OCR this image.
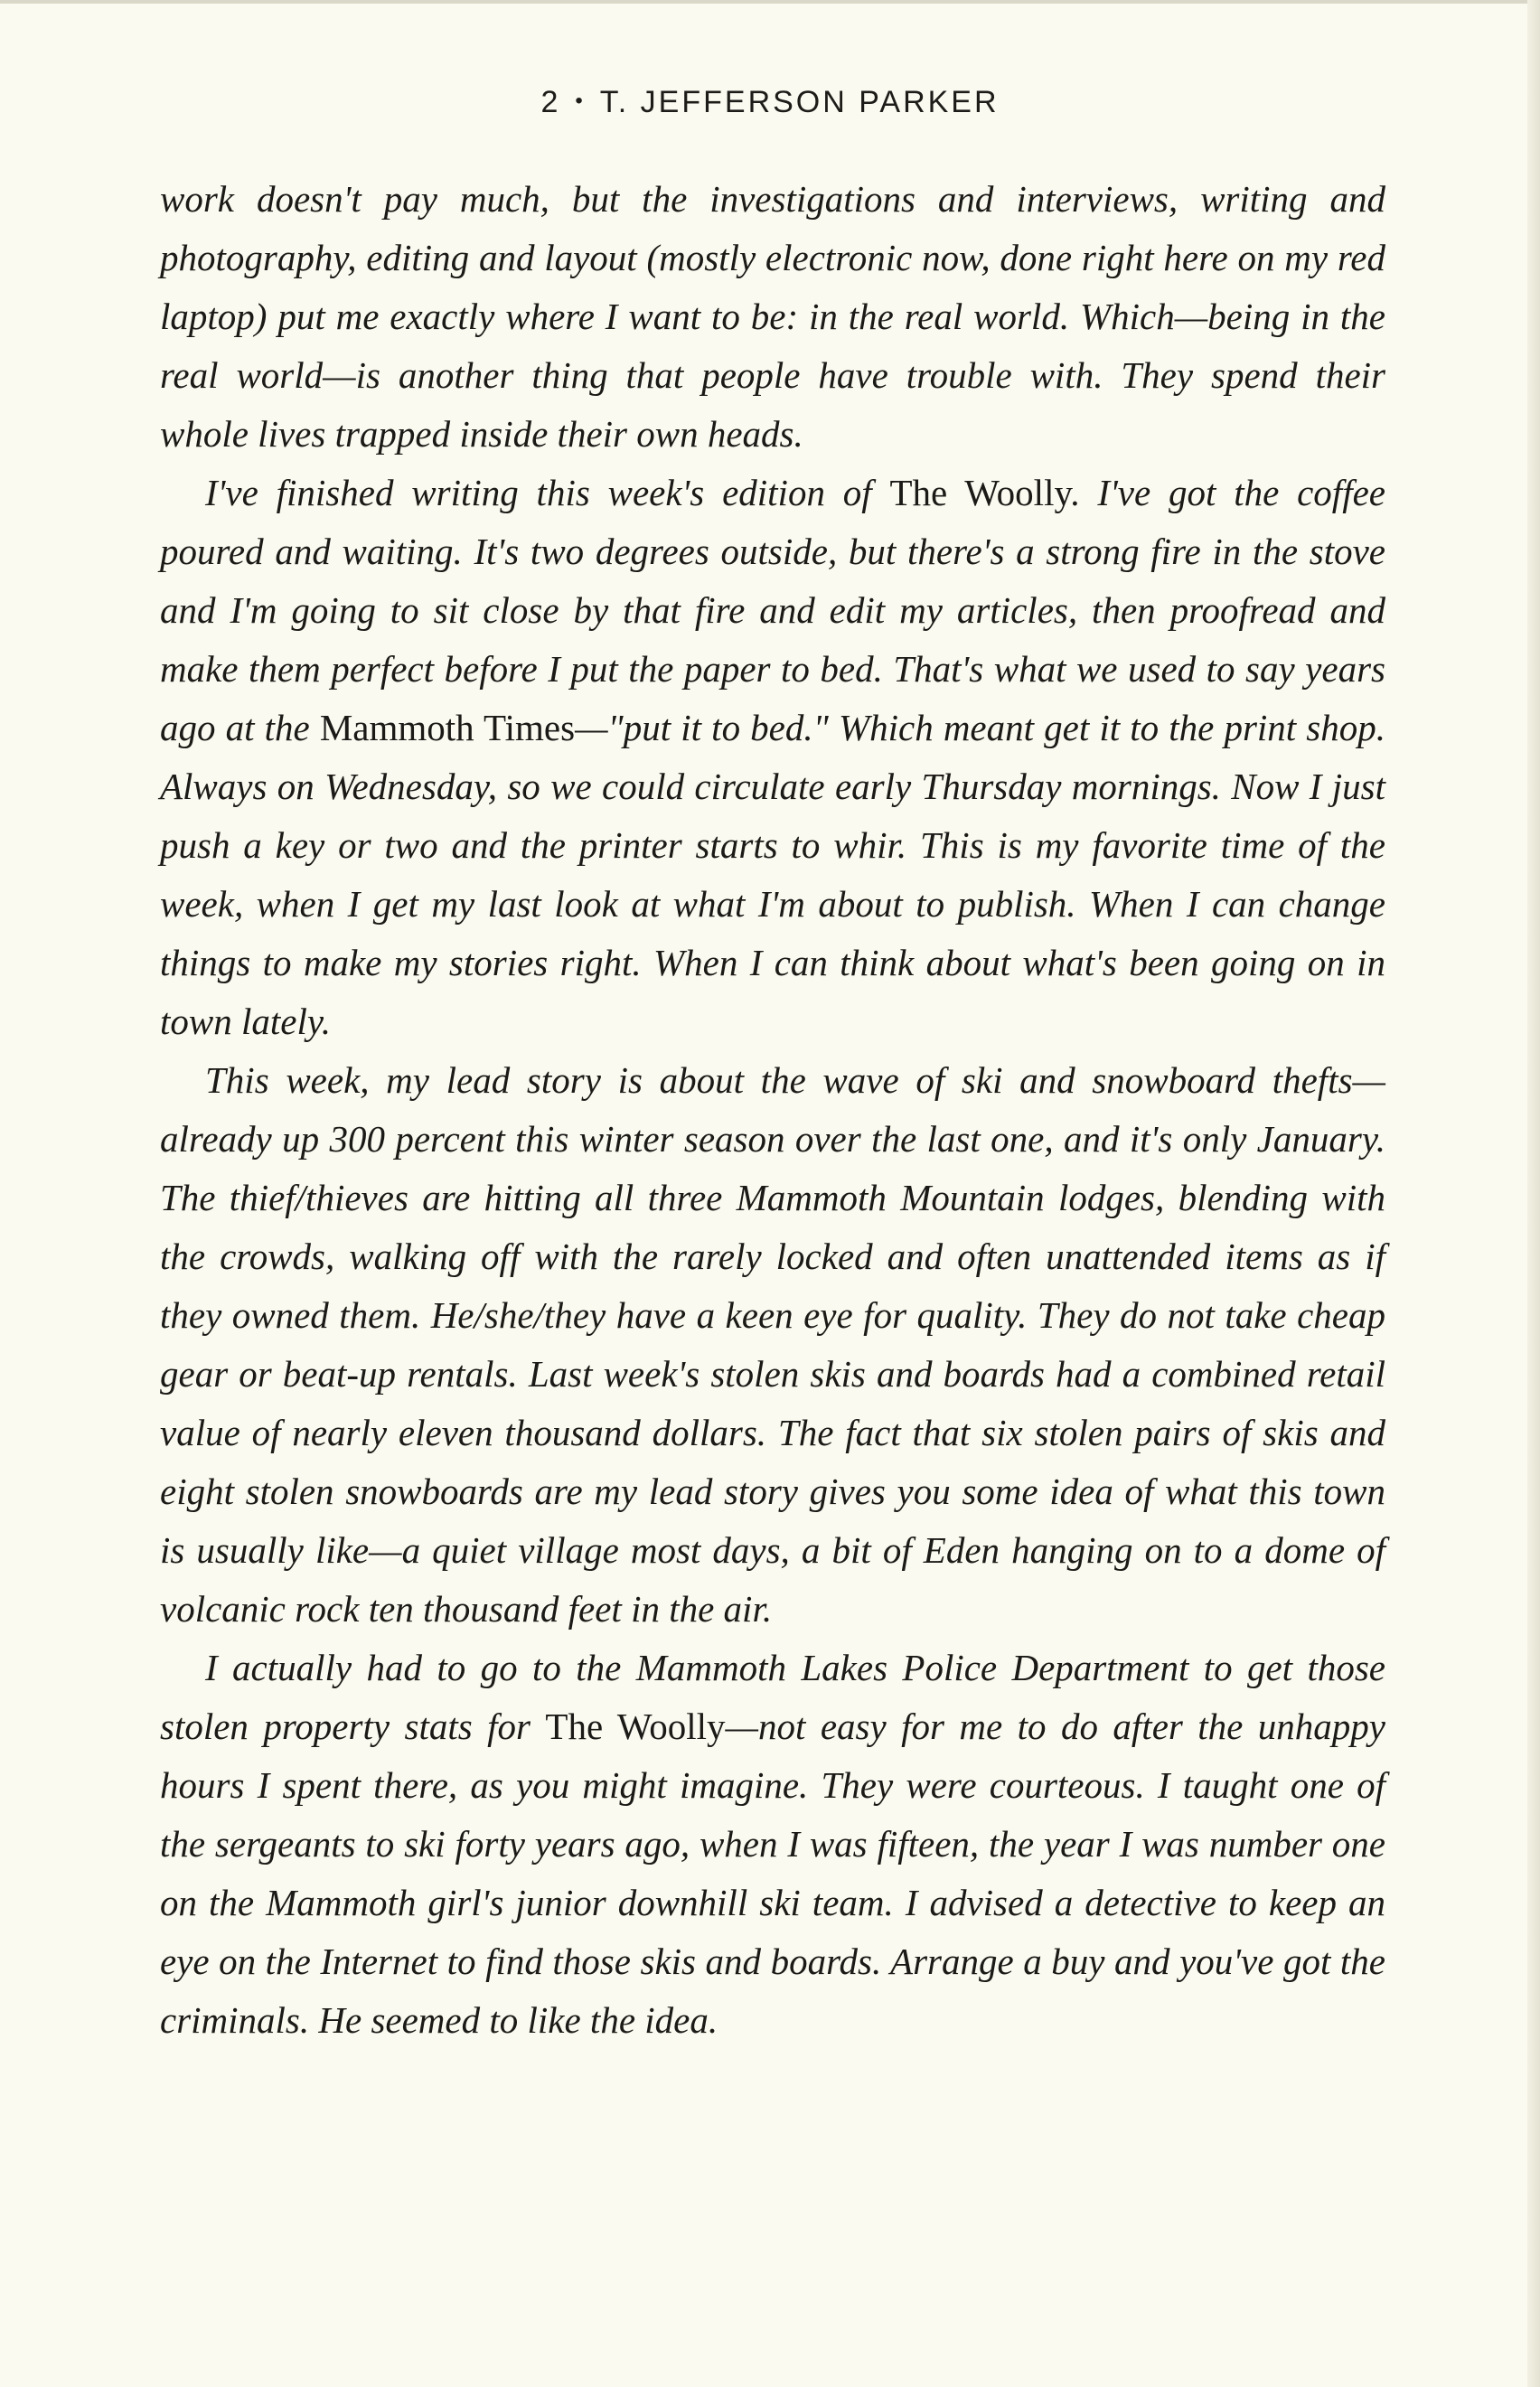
2 • T. JEFFERSON PARKER

work doesn't pay much, but the investigations and interviews, writing and photography, editing and layout (mostly electronic now, done right here on my red laptop) put me exactly where I want to be: in the real world. Which—being in the real world—is another thing that people have trouble with. They spend their whole lives trapped inside their own heads.

I've finished writing this week's edition of The Woolly. I've got the coffee poured and waiting. It's two degrees outside, but there's a strong fire in the stove and I'm going to sit close by that fire and edit my articles, then proofread and make them perfect before I put the paper to bed. That's what we used to say years ago at the Mammoth Times—"put it to bed." Which meant get it to the print shop. Always on Wednesday, so we could circulate early Thursday mornings. Now I just push a key or two and the printer starts to whir. This is my favorite time of the week, when I get my last look at what I'm about to publish. When I can change things to make my stories right. When I can think about what's been going on in town lately.

This week, my lead story is about the wave of ski and snowboard thefts—already up 300 percent this winter season over the last one, and it's only January. The thief/thieves are hitting all three Mammoth Mountain lodges, blending with the crowds, walking off with the rarely locked and often unattended items as if they owned them. He/she/they have a keen eye for quality. They do not take cheap gear or beat-up rentals. Last week's stolen skis and boards had a combined retail value of nearly eleven thousand dollars. The fact that six stolen pairs of skis and eight stolen snowboards are my lead story gives you some idea of what this town is usually like—a quiet village most days, a bit of Eden hanging on to a dome of volcanic rock ten thousand feet in the air.

I actually had to go to the Mammoth Lakes Police Department to get those stolen property stats for The Woolly—not easy for me to do after the unhappy hours I spent there, as you might imagine. They were courteous. I taught one of the sergeants to ski forty years ago, when I was fifteen, the year I was number one on the Mammoth girl's junior downhill ski team. I advised a detective to keep an eye on the Internet to find those skis and boards. Arrange a buy and you've got the criminals. He seemed to like the idea.
